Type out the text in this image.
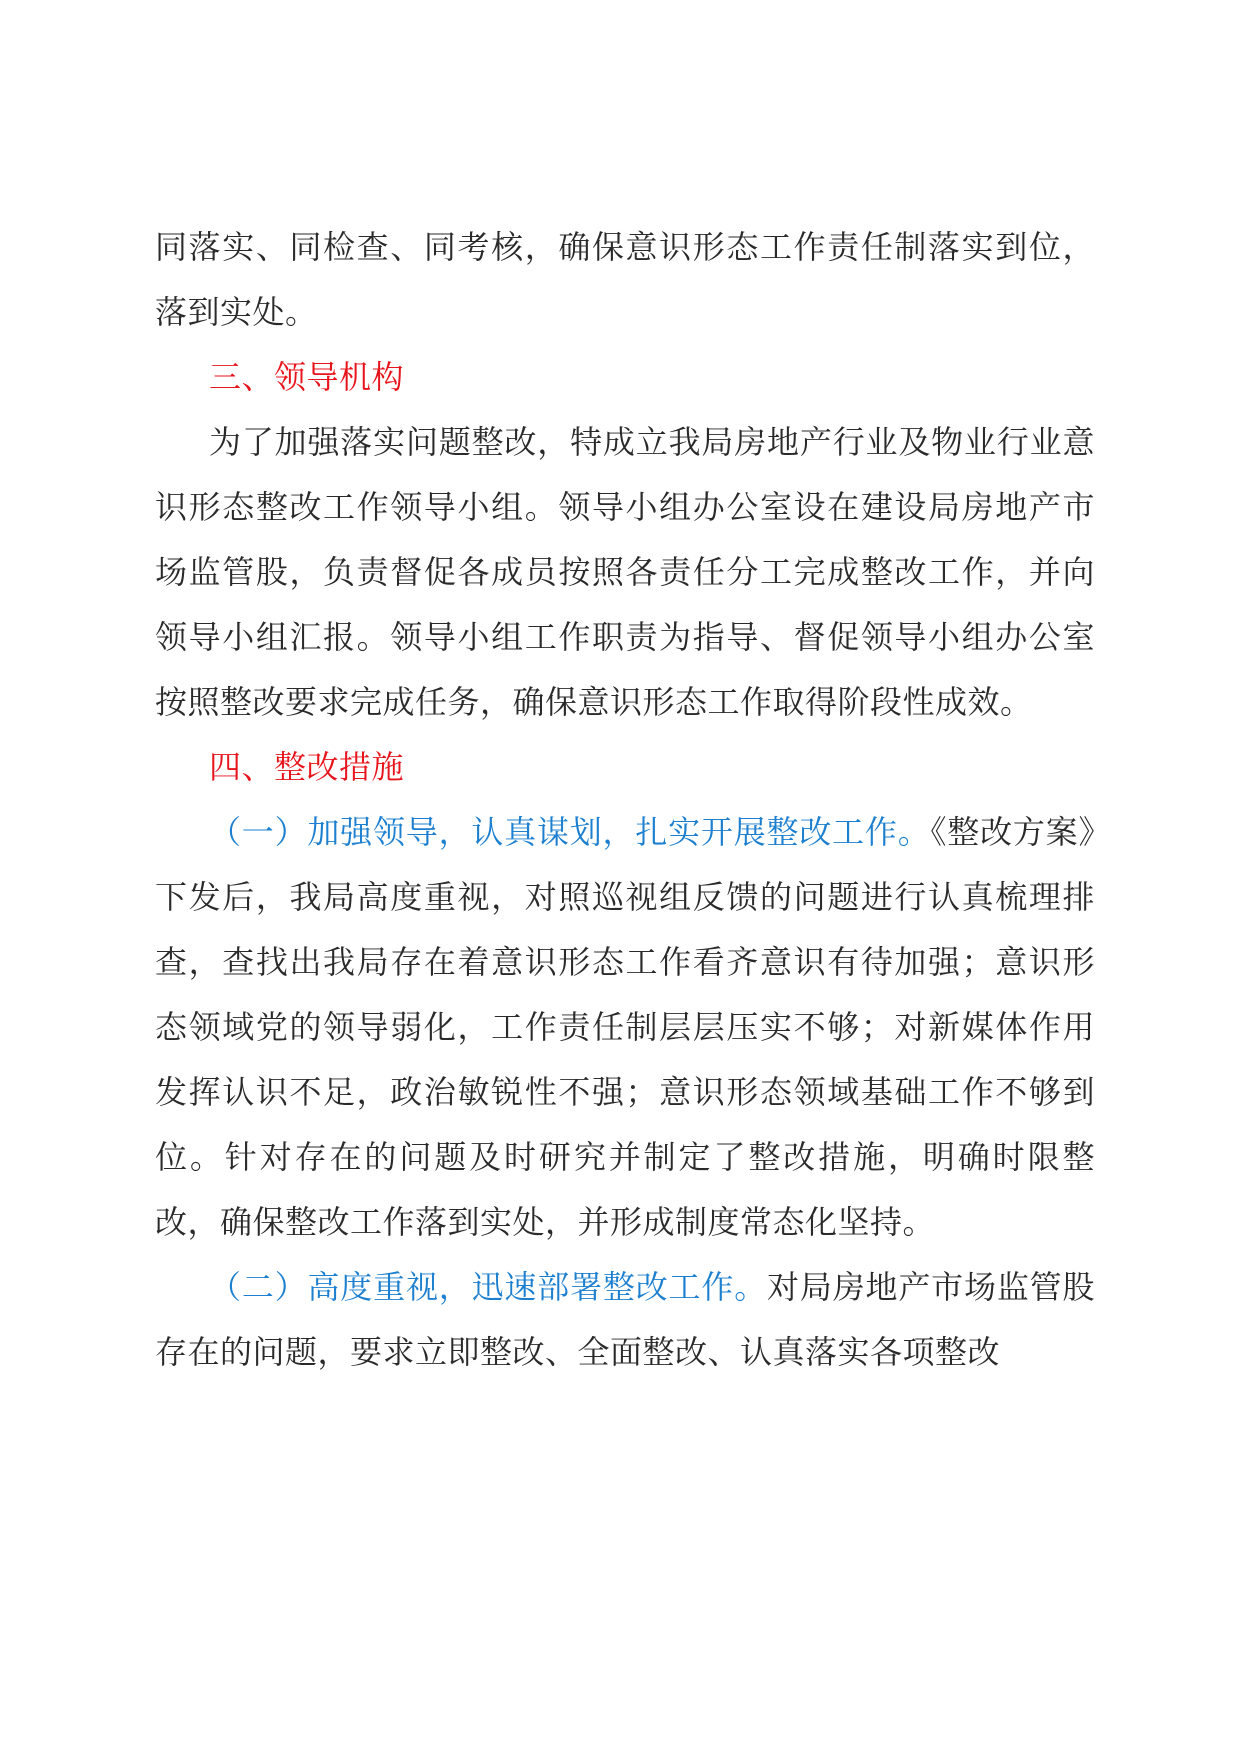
同落实、同检查、同考核，确保意识形态工作责任制落实到位，落到实处。

三、领导机构

为了加强落实问题整改，特成立我局房地产行业及物业行业意识形态整改工作领导小组。领导小组办公室设在建设局房地产市场监管股，负责督促各成员按照各责任分工完成整改工作，并向领导小组汇报。领导小组工作职责为指导、督促领导小组办公室按照整改要求完成任务，确保意识形态工作取得阶段性成效。

四、整改措施

（一）加强领导，认真谋划，扎实开展整改工作。《整改方案》下发后，我局高度重视，对照巡视组反馈的问题进行认真梳理排查，查找出我局存在着意识形态工作看齐意识有待加强；意识形态领域党的领导弱化，工作责任制层层压实不够；对新媒体作用发挥认识不足，政治敏锐性不强；意识形态领域基础工作不够到位。针对存在的问题及时研究并制定了整改措施，明确时限整改，确保整改工作落到实处，并形成制度常态化坚持。

（二）高度重视，迅速部署整改工作。对局房地产市场监管股存在的问题，要求立即整改、全面整改、认真落实各项整改
